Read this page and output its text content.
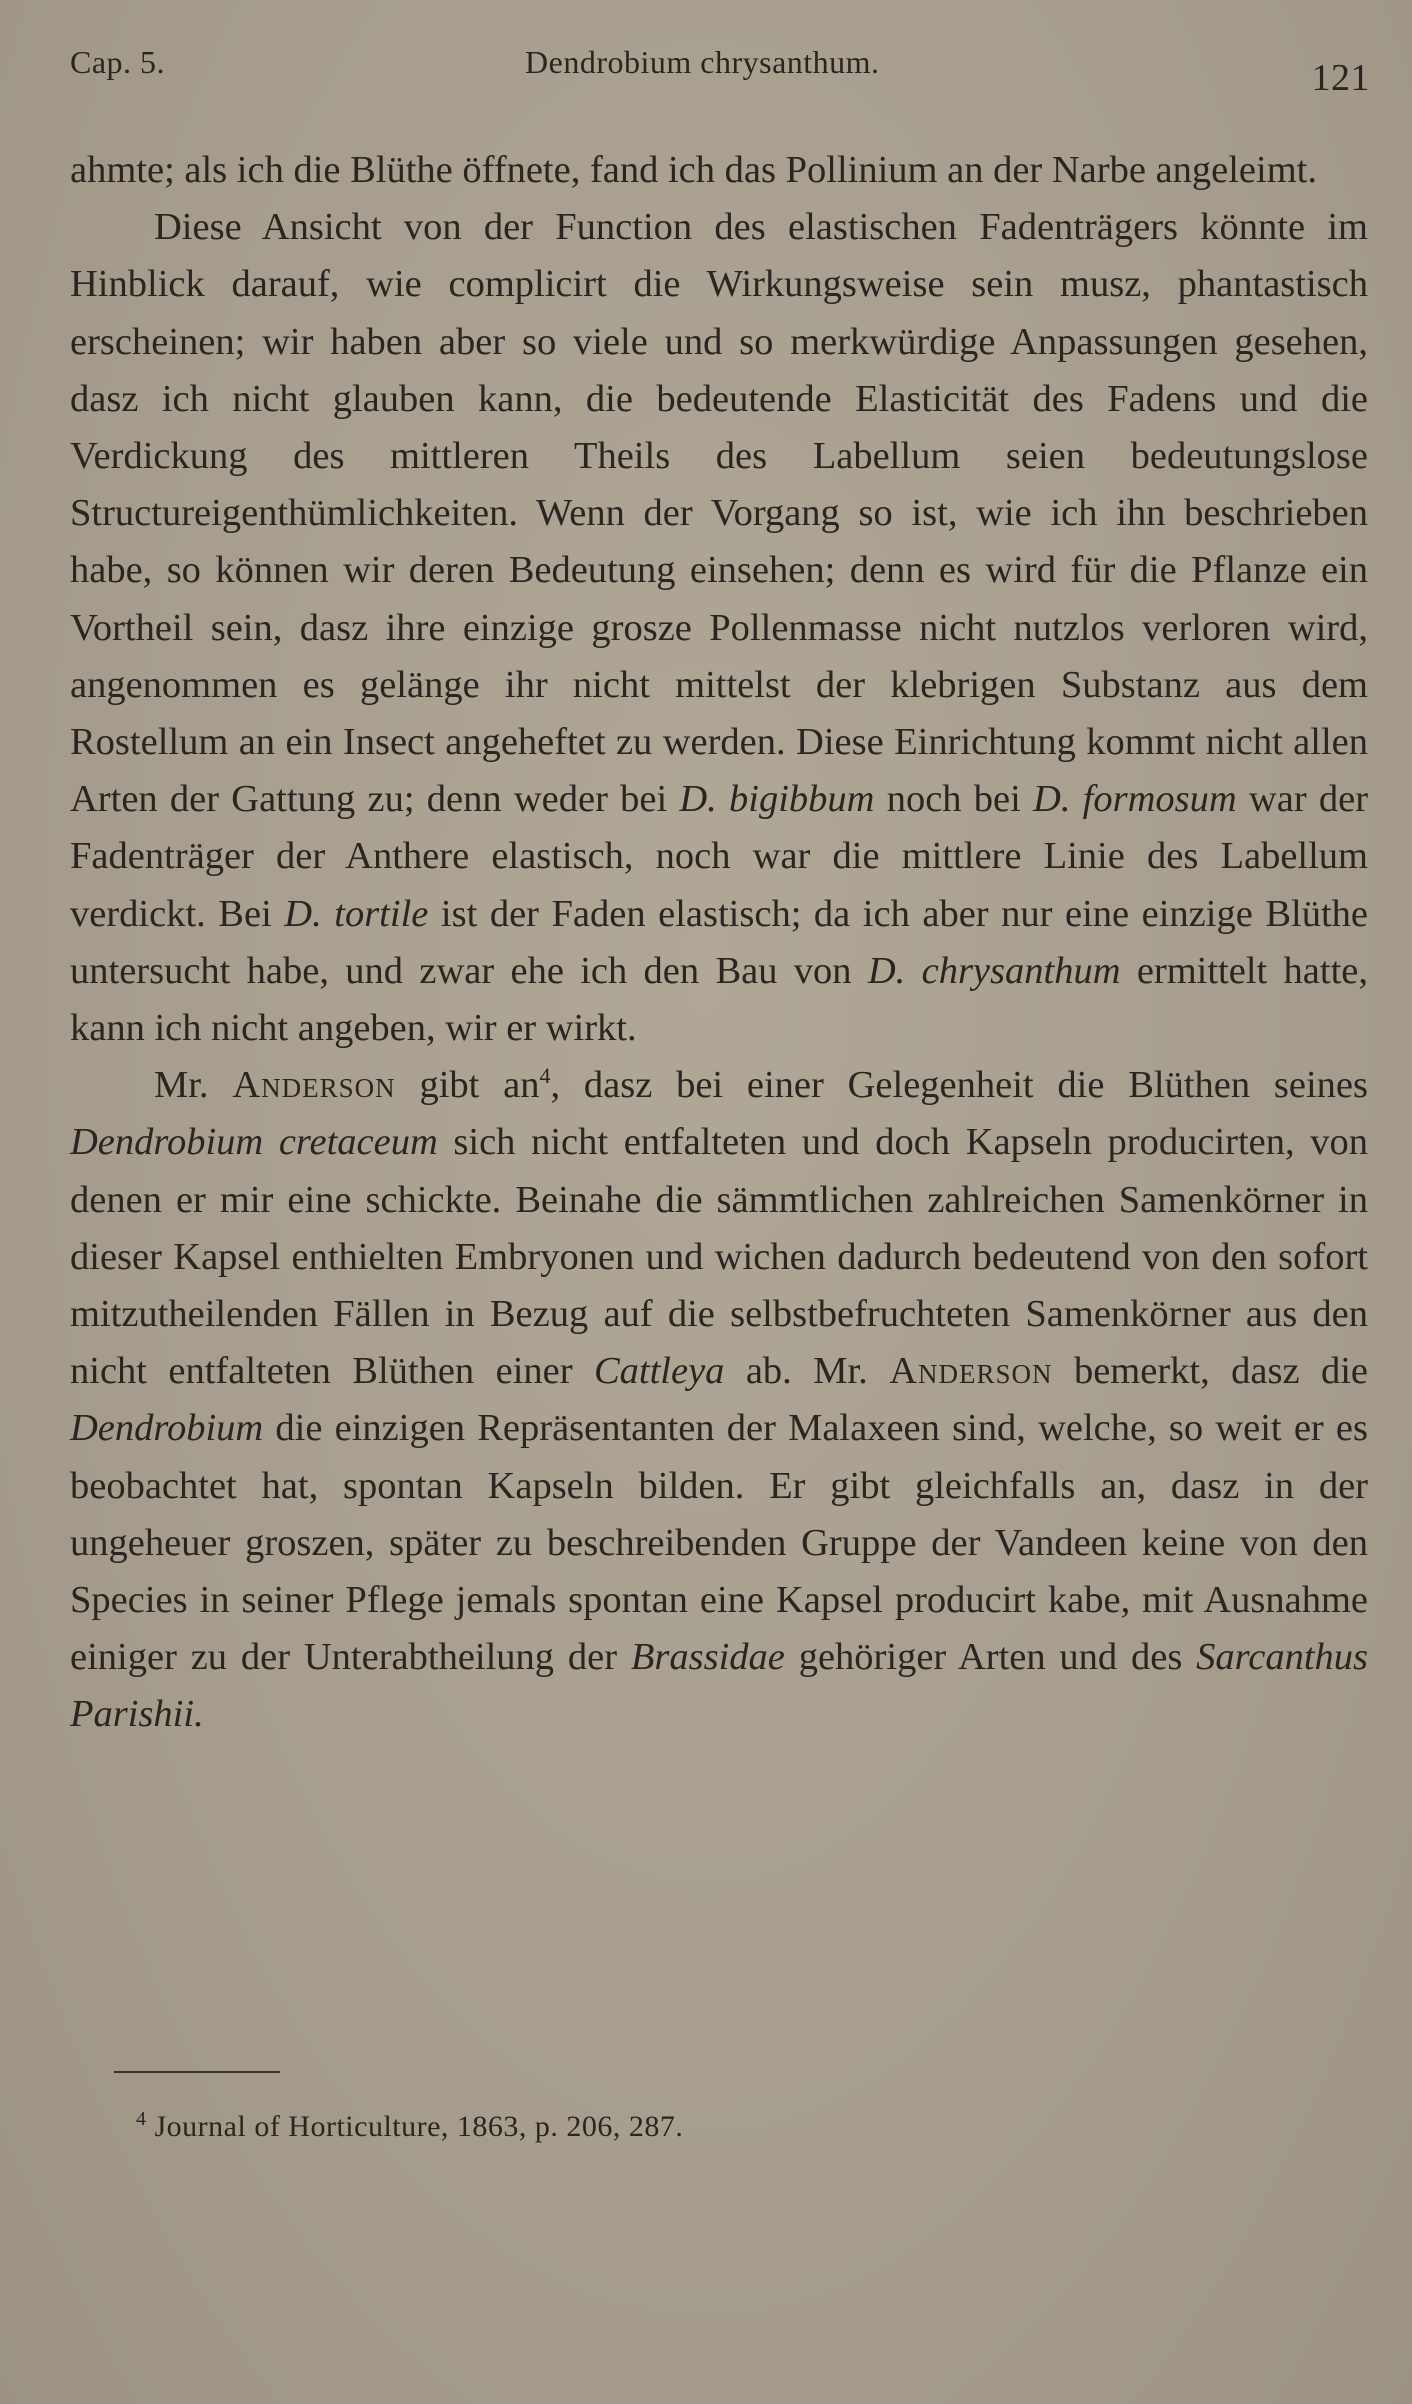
Cap. 5.	Dendrobium chrysanthum.	121

ahmte; als ich die Blüthe öffnete, fand ich das Pollinium an der Narbe angeleimt.

Diese Ansicht von der Function des elastischen Fadenträgers könnte im Hinblick darauf, wie complicirt die Wirkungsweise sein musz, phantastisch erscheinen; wir haben aber so viele und so merkwürdige Anpassungen gesehen, dasz ich nicht glauben kann, die bedeutende Elasticität des Fadens und die Verdickung des mittleren Theils des Labellum seien bedeutungslose Structureigenthümlichkeiten. Wenn der Vorgang so ist, wie ich ihn beschrieben habe, so können wir deren Bedeutung einsehen; denn es wird für die Pflanze ein Vortheil sein, dasz ihre einzige grosze Pollenmasse nicht nutzlos verloren wird, angenommen es gelänge ihr nicht mittelst der klebrigen Substanz aus dem Rostellum an ein Insect angeheftet zu werden. Diese Einrichtung kommt nicht allen Arten der Gattung zu; denn weder bei D. bigibbum noch bei D. formosum war der Fadenträger der Anthere elastisch, noch war die mittlere Linie des Labellum verdickt. Bei D. tortile ist der Faden elastisch; da ich aber nur eine einzige Blüthe untersucht habe, und zwar ehe ich den Bau von D. chrysanthum ermittelt hatte, kann ich nicht angeben, wir er wirkt.

Mr. Anderson gibt $an^4$, dasz bei einer Gelegenheit die Blüthen seines Dendrobium cretaceum sich nicht entfalteten und doch Kapseln producirten, von denen er mir eine schickte. Beinahe die sämmtlichen zahlreichen Samenkörner in dieser Kapsel enthielten Embryonen und wichen dadurch bedeutend von den sofort mitzutheilenden Fällen in Bezug auf die selbstbefruchteten Samenkörner aus den nicht entfalteten Blüthen einer Cattleya ab. Mr. Anderson bemerkt, dasz die Dendrobium die einzigen Repräsentanten der Malaxeen sind, welche, so weit er es beobachtet hat, spontan Kapseln bilden. Er gibt gleichfalls an, dasz in der ungeheuer groszen, später zu beschreibenden Gruppe der Vandeen keine von den Species in seiner Pflege jemals spontan eine Kapsel producirt kabe, mit Ausnahme einiger zu der Unterabtheilung der Brassidae gehöriger Arten und des Sarcanthus Parishii.

$^4$ Journal of Horticulture, 1863, p. 206, 287.
